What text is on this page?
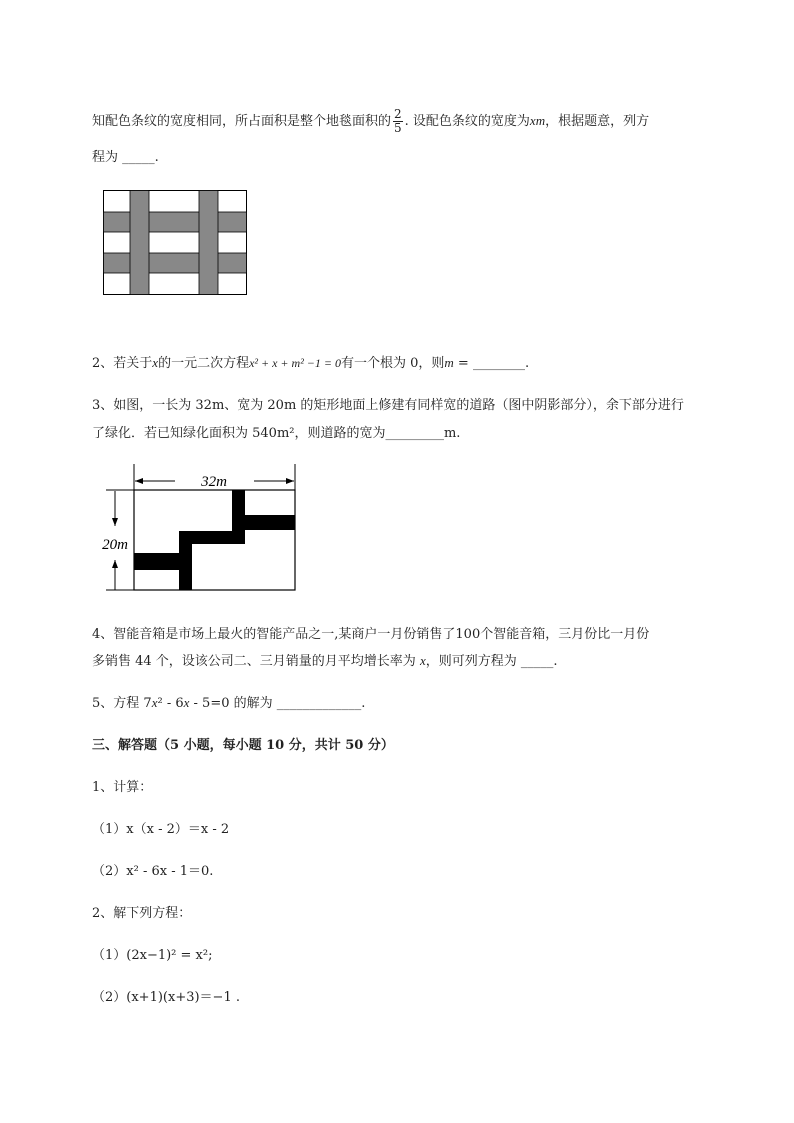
知配色条纹的宽度相同，所占面积是整个地毯面积的 $\frac{2}{5}$ . 设配色条纹的宽度为xm，根据题意，列方
程为 _____.
2、若关于x的一元二次方程x² + x + m² −1 = 0有一个根为 0，则m = ________.
3、如图，一长为 32m、宽为 20m 的矩形地面上修建有同样宽的道路（图中阴影部分），余下部分进行
了绿化．若已知绿化面积为 540m²，则道路的宽为_________m.
32m
20m
4、智能音箱是市场上最火的智能产品之一,某商户一月份销售了100个智能音箱，三月份比一月份
多销售 44 个，设该公司二、三月销量的月平均增长率为 x，则可列方程为 _____.
5、方程 7x² - 6x - 5=0 的解为 _____________.
三、解答题（5 小题，每小题 10 分，共计 50 分）
1、计算：
（1）x（x - 2）＝x - 2
（2）x² - 6x - 1＝0.
2、解下列方程：
（1）(2x−1)² = x²;
（2）(x+1)(x+3)＝−1 .
